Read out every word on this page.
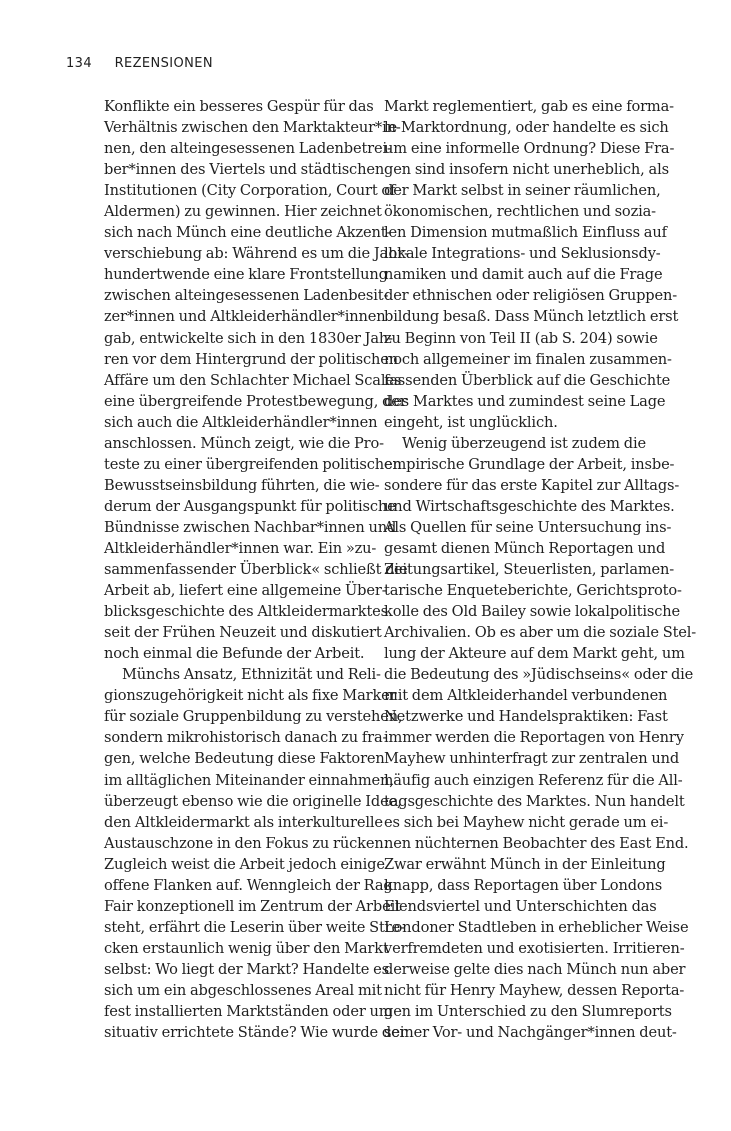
134 REZENSIONEN
Konflikte ein besseres Gespür für das
Verhältnis zwischen den Marktakteur*in-
nen, den alteingesessenen Ladenbetrei-
ber*innen des Viertels und städtischen
Institutionen (City Corporation, Court of
Aldermen) zu gewinnen. Hier zeichnet
sich nach Münch eine deutliche Akzent-
verschiebung ab: Während es um die Jahr-
hundertwende eine klare Frontstellung
zwischen alteingesessenen Ladenbesit-
zer*innen und Altkleiderhändler*innen
gab, entwickelte sich in den 1830er Jah-
ren vor dem Hintergrund der politischen
Affäre um den Schlachter Michael Scales
eine übergreifende Protestbewegung, der
sich auch die Altkleiderhändler*innen
anschlossen. Münch zeigt, wie die Pro-
teste zu einer übergreifenden politischen
Bewusstseinsbildung führten, die wie-
derum der Ausgangspunkt für politische
Bündnisse zwischen Nachbar*innen und
Altkleiderhändler*innen war. Ein »zu-
sammenfassender Überblick« schließt die
Arbeit ab, liefert eine allgemeine Über-
blicksgeschichte des Altkleidermarktes
seit der Frühen Neuzeit und diskutiert
noch einmal die Befunde der Arbeit.
Münchs Ansatz, Ethnizität und Reli-
gionszugehörigkeit nicht als fixe Marker
für soziale Gruppenbildung zu verstehen,
sondern mikrohistorisch danach zu fra-
gen, welche Bedeutung diese Faktoren
im alltäglichen Miteinander einnahmen,
überzeugt ebenso wie die originelle Idee,
den Altkleidermarkt als interkulturelle
Austauschzone in den Fokus zu rücken.
Zugleich weist die Arbeit jedoch einige
offene Flanken auf. Wenngleich der Rag
Fair konzeptionell im Zentrum der Arbeit
steht, erfährt die Leserin über weite Stre-
cken erstaunlich wenig über den Markt
selbst: Wo liegt der Markt? Handelte es
sich um ein abgeschlossenes Areal mit
fest installierten Marktständen oder um
situativ errichtete Stände? Wie wurde der
Markt reglementiert, gab es eine forma-
le Marktordnung, oder handelte es sich
um eine informelle Ordnung? Diese Fra-
gen sind insofern nicht unerheblich, als
der Markt selbst in seiner räumlichen,
ökonomischen, rechtlichen und sozia-
len Dimension mutmaßlich Einfluss auf
lokale Integrations- und Seklusionsdy-
namiken und damit auch auf die Frage
der ethnischen oder religiösen Gruppen-
bildung besaß. Dass Münch letztlich erst
zu Beginn von Teil II (ab S. 204) sowie
noch allgemeiner im finalen zusammen-
fassenden Überblick auf die Geschichte
des Marktes und zumindest seine Lage
eingeht, ist unglücklich.
Wenig überzeugend ist zudem die
empirische Grundlage der Arbeit, insbe-
sondere für das erste Kapitel zur Alltags-
und Wirtschaftsgeschichte des Marktes.
Als Quellen für seine Untersuchung ins-
gesamt dienen Münch Reportagen und
Zeitungsartikel, Steuerlisten, parlamen-
tarische Enqueteberichte, Gerichtsproto-
kolle des Old Bailey sowie lokalpolitische
Archivalien. Ob es aber um die soziale Stel-
lung der Akteure auf dem Markt geht, um
die Bedeutung des »Jüdischseins« oder die
mit dem Altkleiderhandel verbundenen
Netzwerke und Handelspraktiken: Fast
immer werden die Reportagen von Henry
Mayhew unhinterfragt zur zentralen und
häufig auch einzigen Referenz für die All-
tagsgeschichte des Marktes. Nun handelt
es sich bei Mayhew nicht gerade um ei-
nen nüchternen Beobachter des East End.
Zwar erwähnt Münch in der Einleitung
knapp, dass Reportagen über Londons
Elendsviertel und Unterschichten das
Londoner Stadtleben in erheblicher Weise
verfremdeten und exotisierten. Irritieren-
derweise gelte dies nach Münch nun aber
nicht für Henry Mayhew, dessen Reporta-
gen im Unterschied zu den Slumreports
seiner Vor- und Nachgänger*innen deut-
